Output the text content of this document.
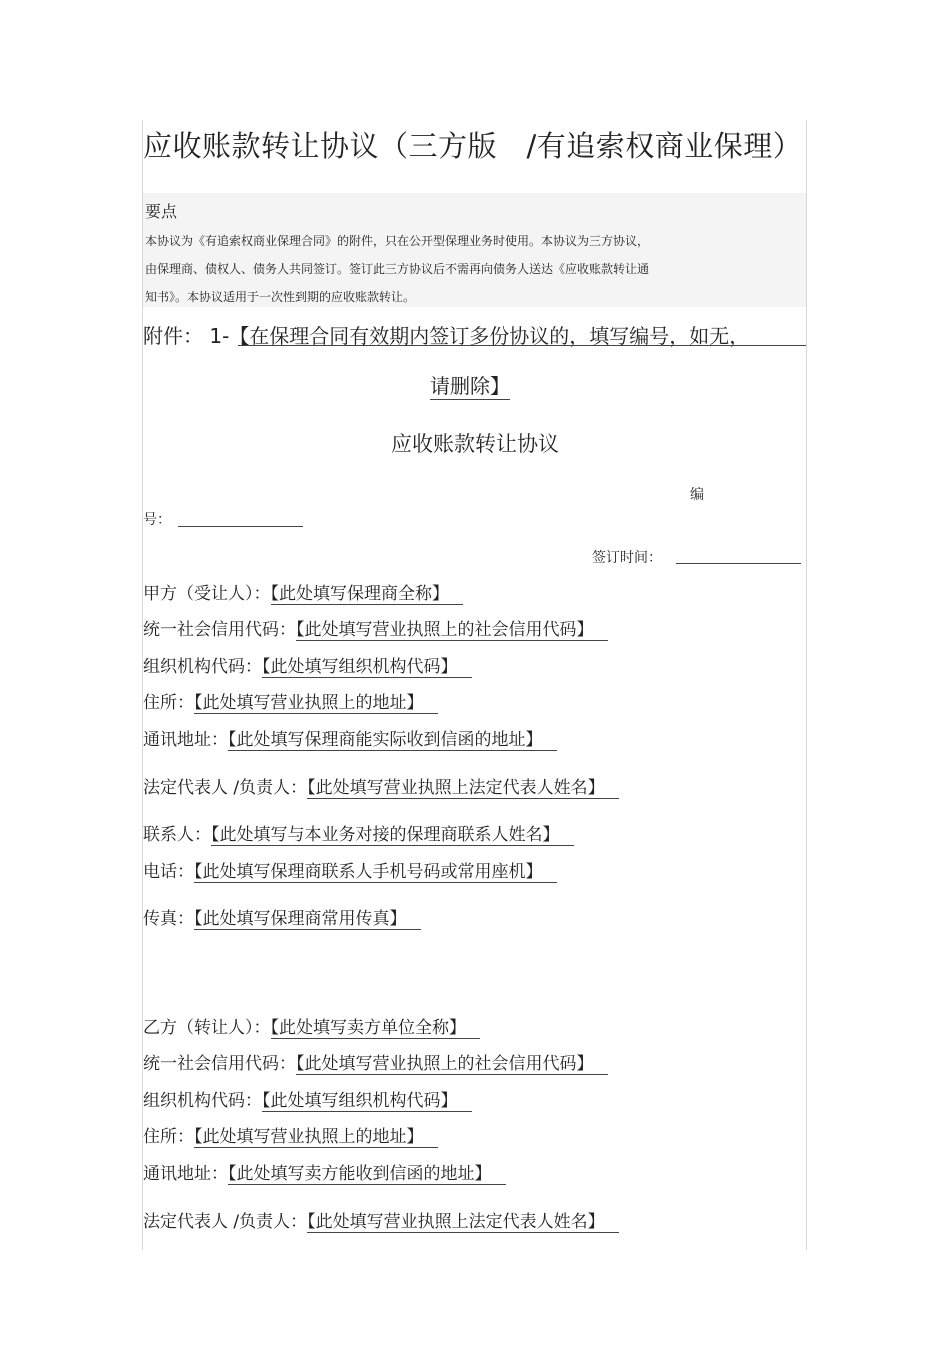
应收账款转让协议（三方版　/有追索权商业保理）
要点
本协议为《有追索权商业保理合同》的附件，只在公开型保理业务时使用。本协议为三方协议，
由保理商、债权人、债务人共同签订。签订此三方协议后不需再向债务人送达《应收账款转让通
知书》。本协议适用于一次性到期的应收账款转让。
附件： 1-【在保理合同有效期内签订多份协议的，填写编号，如无，
请删除】
应收账款转让协议
编
号：
签订时间：
甲方（受让人）：【此处填写保理商全称】
统一社会信用代码：【此处填写营业执照上的社会信用代码】
组织机构代码：【此处填写组织机构代码】
住所：【此处填写营业执照上的地址】
通讯地址：【此处填写保理商能实际收到信函的地址】
法定代表人 /负责人：【此处填写营业执照上法定代表人姓名】
联系人：【此处填写与本业务对接的保理商联系人姓名】
电话：【此处填写保理商联系人手机号码或常用座机】
传真：【此处填写保理商常用传真】
乙方（转让人）：【此处填写卖方单位全称】
统一社会信用代码：【此处填写营业执照上的社会信用代码】
组织机构代码：【此处填写组织机构代码】
住所：【此处填写营业执照上的地址】
通讯地址：【此处填写卖方能收到信函的地址】
法定代表人 /负责人：【此处填写营业执照上法定代表人姓名】
